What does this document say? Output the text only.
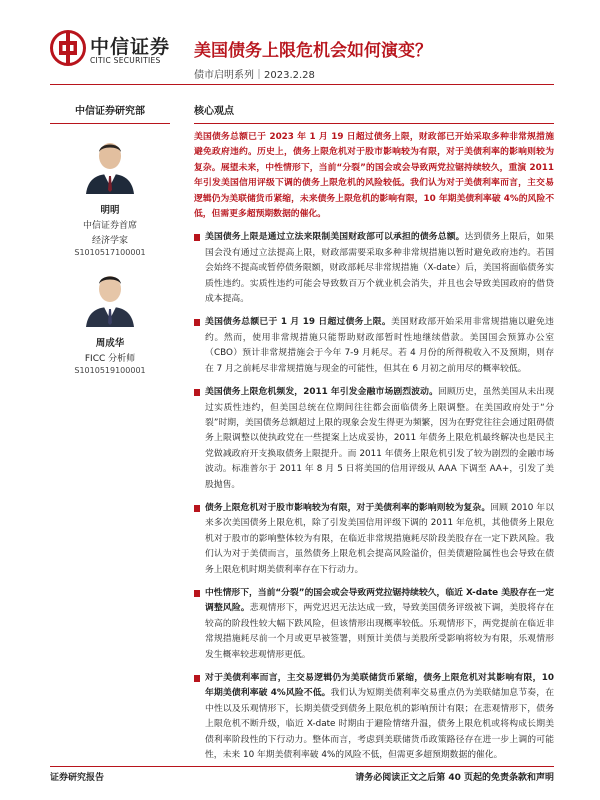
中信证券
CITIC SECURITIES 美国债务上限危机会如何演变？
债市启明系列｜2023.2.28
中信证券研究部
明明
中信证券首席
经济学家
S1010517100001
周成华
FICC 分析师
S1010519100001
核心观点
美国债务总额已于 2023 年 1 月 19 日超过债务上限，财政部已开始采取多种非常规措施避免政府违约。历史上，债务上限危机对于股市影响较为有限，对于美债利率的影响则较为复杂。展望未来，中性情形下，当前“分裂”的国会或会导致两党拉锯持续较久，重演 2011 年引发美国信用评级下调的债务上限危机的风险较低。我们认为对于美债利率而言，主交易逻辑仍为美联储货币紧缩，未来债务上限危机的影响有限，10 年期美债利率破 4%的风险不低，但需更多超预期数据的催化。
美国债务上限是通过立法来限制美国财政部可以承担的债务总额。达到债务上限后，如果国会没有通过立法提高上限，财政部需要采取多种非常规措施以暂时避免政府违约。若国会始终不提高或暂停债务限额，财政部耗尽非常规措施（X-date）后，美国将面临债务实质性违约。实质性违约可能会导致数百万个就业机会消失，并且也会导致美国政府的借贷成本提高。
美国债务总额已于 1 月 19 日超过债务上限。美国财政部开始采用非常规措施以避免违约。然而，使用非常规措施只能帮助财政部暂时性地继续借款。美国国会预算办公室（CBO）预计非常规措施会于今年 7-9 月耗尽。若 4 月份的所得税收入不及预期，则存在 7 月之前耗尽非常规措施与现金的可能性，但其在 6 月初之前用尽的概率较低。
美国债务上限危机频发，2011 年引发金融市场剧烈波动。回顾历史，虽然美国从未出现过实质性违约，但美国总统在位期间往往都会面临债务上限调整。在美国政府处于“分裂”时期，美国债务总额超过上限的现象会发生得更为频繁，因为在野党往往会通过阻碍债务上限调整以使执政党在一些提案上达成妥协，2011 年债务上限危机最终解决也是民主党做减政府开支换取债务上限提升。而 2011 年债务上限危机引发了较为剧烈的金融市场波动。标准普尔于 2011 年 8 月 5 日将美国的信用评级从 AAA 下调至 AA+，引发了美股抛售。
债务上限危机对于股市影响较为有限，对于美债利率的影响则较为复杂。回顾 2010 年以来多次美国债务上限危机，除了引发美国信用评级下调的 2011 年危机，其他债务上限危机对于股市的影响整体较为有限，在临近非常规措施耗尽阶段美股存在一定下跌风险。我们认为对于美债而言，虽然债务上限危机会提高风险溢价，但美债避险属性也会导致在债务上限危机时期美债利率存在下行动力。
中性情形下，当前“分裂”的国会或会导致两党拉锯持续较久，临近 X-date 美股存在一定调整风险。悲观情形下，两党迟迟无法达成一致，导致美国债务评级被下调，美股将存在较高的阶段性较大幅下跌风险，但该情形出现概率较低。乐观情形下，两党提前在临近非常规措施耗尽前一个月或更早被签署，则预计美债与美股所受影响将较为有限，乐观情形发生概率较悲观情形更低。
对于美债利率而言，主交易逻辑仍为美联储货币紧缩，债务上限危机对其影响有限，10 年期美债利率破 4%风险不低。我们认为短期美债利率交易重点仍为美联储加息节奏，在中性以及乐观情形下，长期美债受到债务上限危机的影响预计有限；在悲观情形下，债务上限危机不断升级，临近 X-date 时期由于避险情绪升温，债务上限危机或将构成长期美债利率阶段性的下行动力。整体而言，考虑到美联储货币政策路径存在进一步上调的可能性，未来 10 年期美债利率破 4%的风险不低，但需更多超预期数据的催化。
证券研究报告	请务必阅读正文之后第 40 页起的免责条款和声明
